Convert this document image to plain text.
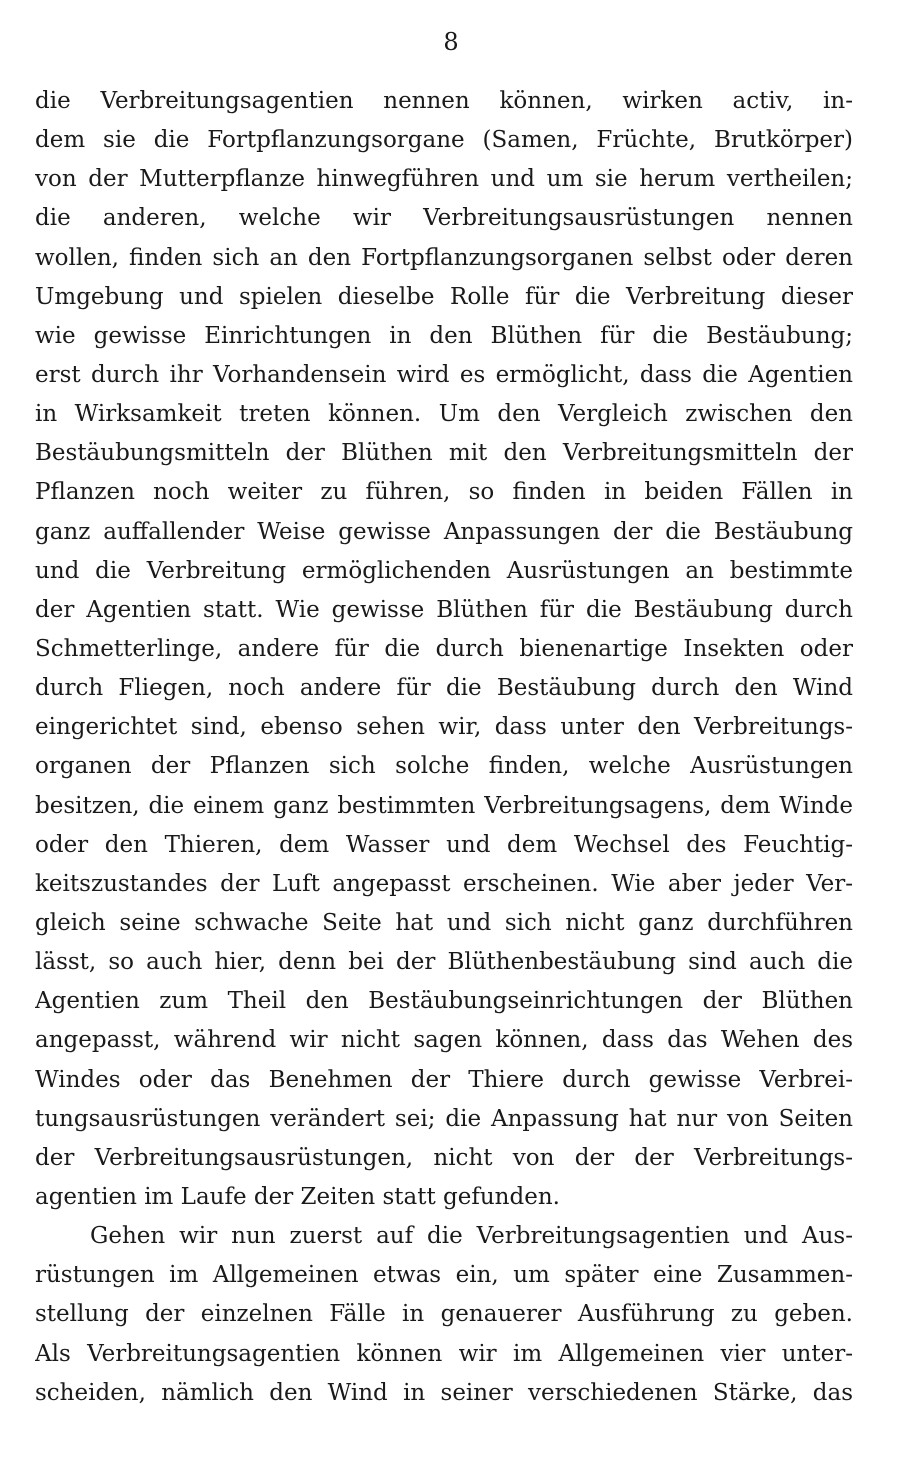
8
die Verbreitungsagentien nennen können, wirken activ, in-
dem sie die Fortpflanzungsorgane (Samen, Früchte, Brutkörper)
von der Mutterpflanze hinwegführen und um sie herum vertheilen;
die anderen, welche wir Verbreitungsausrüstungen nennen
wollen, finden sich an den Fortpflanzungsorganen selbst oder deren
Umgebung und spielen dieselbe Rolle für die Verbreitung dieser
wie gewisse Einrichtungen in den Blüthen für die Bestäubung;
erst durch ihr Vorhandensein wird es ermöglicht, dass die Agentien
in Wirksamkeit treten können. Um den Vergleich zwischen den
Bestäubungsmitteln der Blüthen mit den Verbreitungsmitteln der
Pflanzen noch weiter zu führen, so finden in beiden Fällen in
ganz auffallender Weise gewisse Anpassungen der die Bestäubung
und die Verbreitung ermöglichenden Ausrüstungen an bestimmte
der Agentien statt. Wie gewisse Blüthen für die Bestäubung durch
Schmetterlinge, andere für die durch bienenartige Insekten oder
durch Fliegen, noch andere für die Bestäubung durch den Wind
eingerichtet sind, ebenso sehen wir, dass unter den Verbreitungs-
organen der Pflanzen sich solche finden, welche Ausrüstungen
besitzen, die einem ganz bestimmten Verbreitungsagens, dem Winde
oder den Thieren, dem Wasser und dem Wechsel des Feuchtig-
keitszustandes der Luft angepasst erscheinen. Wie aber jeder Ver-
gleich seine schwache Seite hat und sich nicht ganz durchführen
lässt, so auch hier, denn bei der Blüthenbestäubung sind auch die
Agentien zum Theil den Bestäubungseinrichtungen der Blüthen
angepasst, während wir nicht sagen können, dass das Wehen des
Windes oder das Benehmen der Thiere durch gewisse Verbrei-
tungsausrüstungen verändert sei; die Anpassung hat nur von Seiten
der Verbreitungsausrüstungen, nicht von der der Verbreitungs-
agentien im Laufe der Zeiten statt gefunden.
Gehen wir nun zuerst auf die Verbreitungsagentien und Aus-
rüstungen im Allgemeinen etwas ein, um später eine Zusammen-
stellung der einzelnen Fälle in genauerer Ausführung zu geben.
Als Verbreitungsagentien können wir im Allgemeinen vier unter-
scheiden, nämlich den Wind in seiner verschiedenen Stärke, das
